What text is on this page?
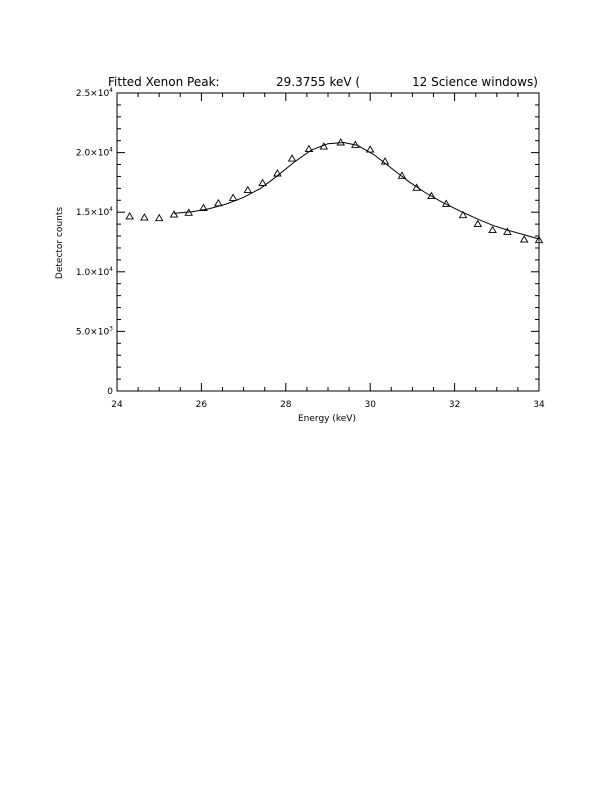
Fitted Xenon Peak:	29.3755 keV (	12 Science windows)
24	26	28	30	32	34
0
$5.0\times 10^3$
$1.0\times 10^4$
$1.5\times 10^4$
$2.0\times 10^4$
$2.5\times 10^4$
Energy (keV)
Detector counts
